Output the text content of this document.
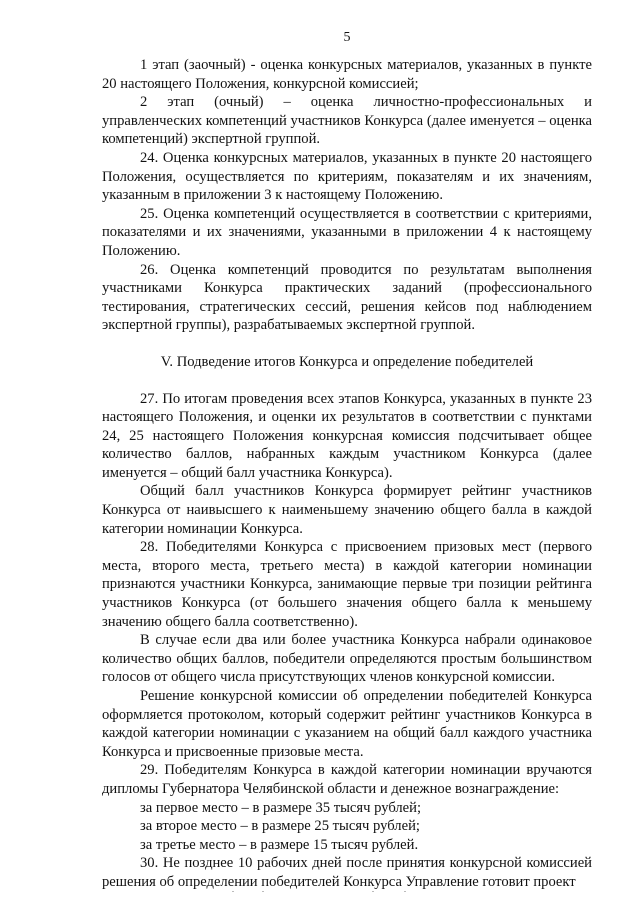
5

1 этап (заочный) - оценка конкурсных материалов, указанных в пункте 20 настоящего Положения, конкурсной комиссией;

2 этап (очный) – оценка личностно-профессиональных и управленческих компетенций участников Конкурса (далее именуется – оценка компетенций) экспертной группой.

24. Оценка конкурсных материалов, указанных в пункте 20 настоящего Положения, осуществляется по критериям, показателям и их значениям, указанным в приложении 3 к настоящему Положению.

25. Оценка компетенций осуществляется в соответствии с критериями, показателями и их значениями, указанными в приложении 4 к настоящему Положению.

26. Оценка компетенций проводится по результатам выполнения участниками Конкурса практических заданий (профессионального тестирования, стратегических сессий, решения кейсов под наблюдением экспертной группы), разрабатываемых экспертной группой.

V. Подведение итогов Конкурса и определение победителей

27. По итогам проведения всех этапов Конкурса, указанных в пункте 23 настоящего Положения, и оценки их результатов в соответствии с пунктами 24, 25 настоящего Положения конкурсная комиссия подсчитывает общее количество баллов, набранных каждым участником Конкурса (далее именуется – общий балл участника Конкурса).

Общий балл участников Конкурса формирует рейтинг участников Конкурса от наивысшего к наименьшему значению общего балла в каждой категории номинации Конкурса.

28. Победителями Конкурса с присвоением призовых мест (первого места, второго места, третьего места) в каждой категории номинации признаются участники Конкурса, занимающие первые три позиции рейтинга участников Конкурса (от большего значения общего балла к меньшему значению общего балла соответственно).

В случае если два или более участника Конкурса набрали одинаковое количество общих баллов, победители определяются простым большинством голосов от общего числа присутствующих членов конкурсной комиссии.

Решение конкурсной комиссии об определении победителей Конкурса оформляется протоколом, который содержит рейтинг участников Конкурса в каждой категории номинации с указанием на общий балл каждого участника Конкурса и присвоенные призовые места.

29. Победителям Конкурса в каждой категории номинации вручаются дипломы Губернатора Челябинской области и денежное вознаграждение:

за первое место – в размере 35 тысяч рублей;

за второе место – в размере 25 тысяч рублей;

за третье место – в размере 15 тысяч рублей.

30. Не позднее 10 рабочих дней после принятия конкурсной комиссией решения об определении победителей Конкурса Управление готовит проект
